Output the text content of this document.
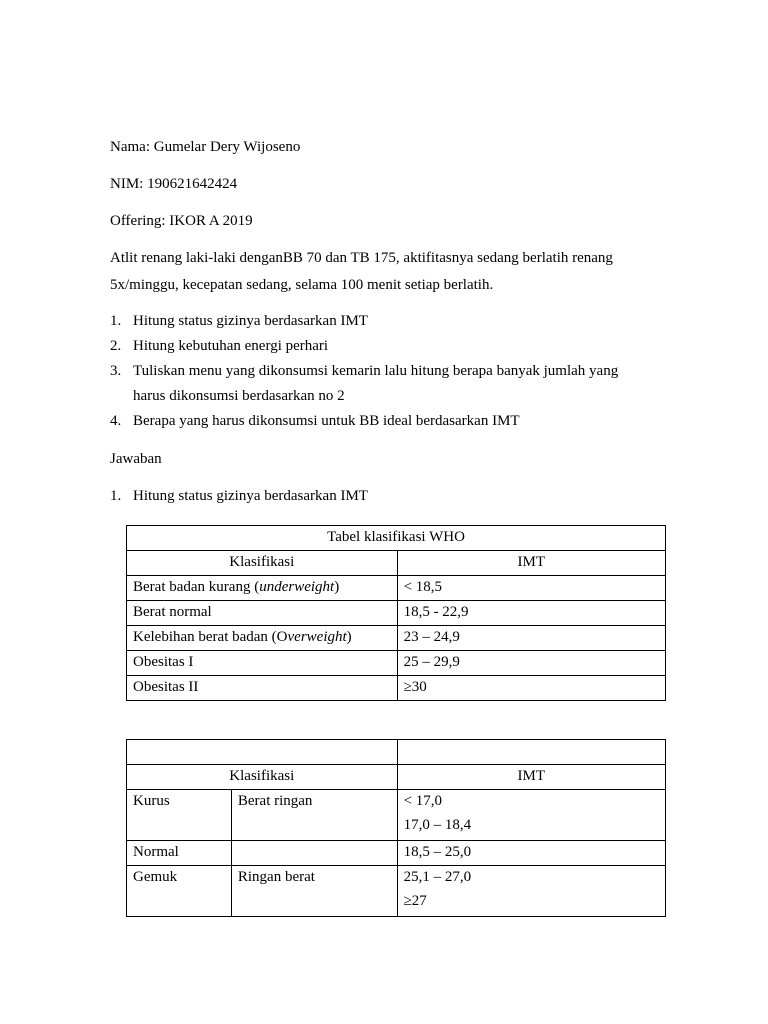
Nama: Gumelar Dery Wijoseno
NIM: 190621642424
Offering: IKOR A 2019
Atlit renang laki-laki denganBB 70 dan TB 175, aktifitasnya sedang berlatih renang
5x/minggu, kecepatan sedang, selama 100 menit setiap berlatih.
1. Hitung status gizinya berdasarkan IMT
2. Hitung kebutuhan energi perhari
3. Tuliskan menu yang dikonsumsi kemarin lalu hitung berapa banyak jumlah yang
harus dikonsumsi berdasarkan no 2
4. Berapa yang harus dikonsumsi untuk BB ideal berdasarkan IMT
Jawaban
1. Hitung status gizinya berdasarkan IMT
Tabel klasifikasi WHO	
Klasifikasi	IMT
Berat badan kurang (underweight)	< 18,5
Berat normal	18,5 - 22,9
Kelebihan berat badan (Overweight)	23 – 24,9
Obesitas I	25 – 29,9
Obesitas II	≥30

Klasifikasi		IMT
Kurus	Berat ringan	< 17,0
17,0 – 18,4

Normal		18,5 – 25,0
Gemuk	Ringan berat	25,1 – 27,0
≥27
